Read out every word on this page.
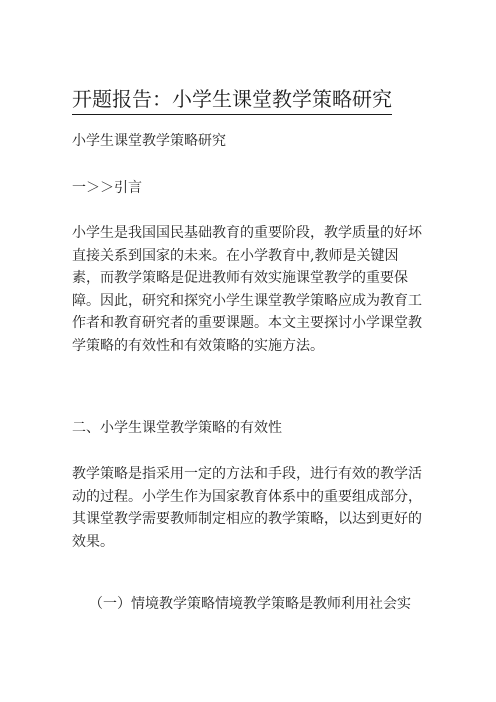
开题报告：小学生课堂教学策略研究

小学生课堂教学策略研究

一＞＞引言

小学生是我国国民基础教育的重要阶段，教学质量的好坏直接关系到国家的未来。在小学教育中,教师是关键因素，而教学策略是促进教师有效实施课堂教学的重要保障。因此，研究和探究小学生课堂教学策略应成为教育工作者和教育研究者的重要课题。本文主要探讨小学课堂教学策略的有效性和有效策略的实施方法。

二、小学生课堂教学策略的有效性

教学策略是指采用一定的方法和手段，进行有效的教学活动的过程。小学生作为国家教育体系中的重要组成部分，其课堂教学需要教师制定相应的教学策略，以达到更好的效果。

（一）情境教学策略情境教学策略是教师利用社会实
